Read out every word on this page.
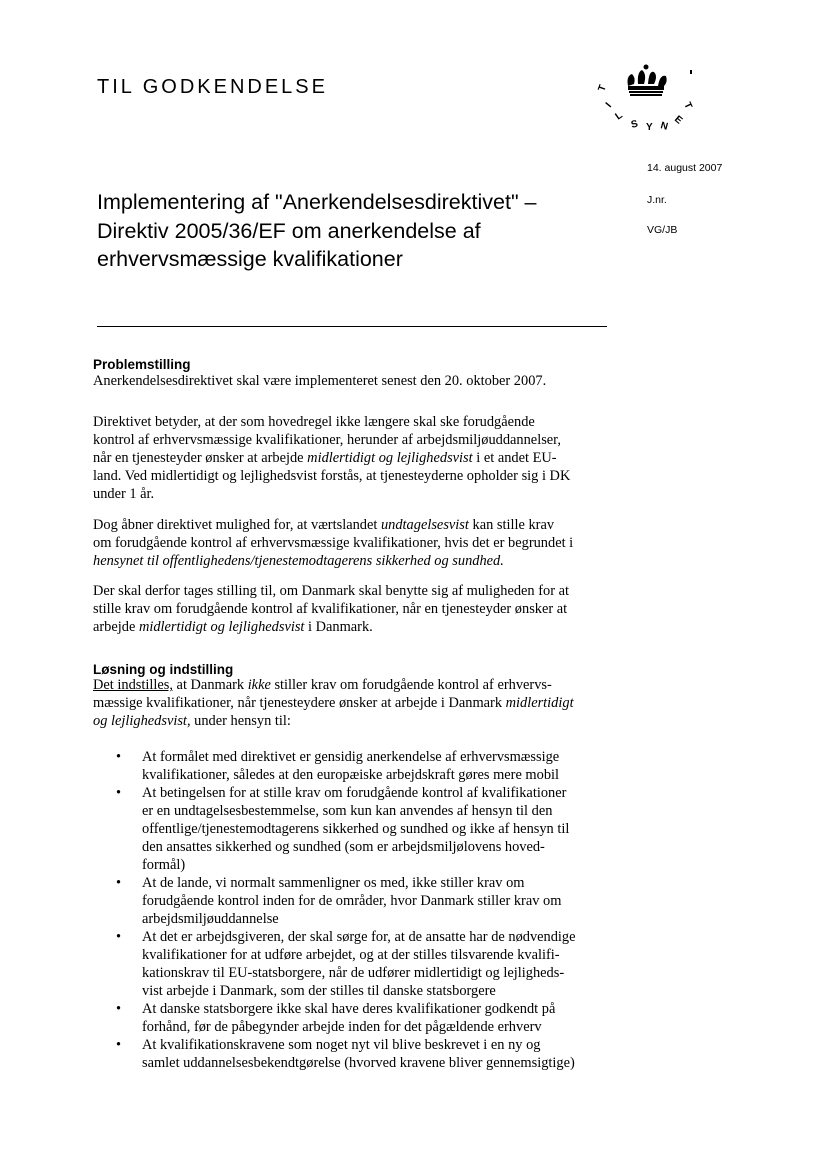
TIL GODKENDELSE	T
I
L
S Y N E
T
14. august 2007
J.nr.
VG/JB
Implementering af "Anerkendelsesdirektivet" –
Direktiv 2005/36/EF om anerkendelse af
erhvervsmæssige kvalifikationer
Problemstilling
Anerkendelsesdirektivet skal være implementeret senest den 20. oktober 2007.
Direktivet betyder, at der som hovedregel ikke længere skal ske forudgående
kontrol af erhvervsmæssige kvalifikationer, herunder af arbejdsmiljøuddannelser,
når en tjenesteyder ønsker at arbejde midlertidigt og lejlighedsvist i et andet EU-
land. Ved midlertidigt og lejlighedsvist forstås, at tjenesteyderne opholder sig i DK
under 1 år.
Dog åbner direktivet mulighed for, at værtslandet undtagelsesvist kan stille krav
om forudgående kontrol af erhvervsmæssige kvalifikationer, hvis det er begrundet i
hensynet til offentlighedens/tjenestemodtagerens sikkerhed og sundhed.
Der skal derfor tages stilling til, om Danmark skal benytte sig af muligheden for at
stille krav om forudgående kontrol af kvalifikationer, når en tjenesteyder ønsker at
arbejde midlertidigt og lejlighedsvist i Danmark.
Løsning og indstilling
Det indstilles, at Danmark ikke stiller krav om forudgående kontrol af erhvervs-
mæssige kvalifikationer, når tjenesteydere ønsker at arbejde i Danmark midlertidigt
og lejlighedsvist, under hensyn til:
• At formålet med direktivet er gensidig anerkendelse af erhvervsmæssige
kvalifikationer, således at den europæiske arbejdskraft gøres mere mobil
• At betingelsen for at stille krav om forudgående kontrol af kvalifikationer
er en undtagelsesbestemmelse, som kun kan anvendes af hensyn til den
offentlige/tjenestemodtagerens sikkerhed og sundhed og ikke af hensyn til
den ansattes sikkerhed og sundhed (som er arbejdsmiljølovens hoved-
formål)
• At de lande, vi normalt sammenligner os med, ikke stiller krav om
forudgående kontrol inden for de områder, hvor Danmark stiller krav om
arbejdsmiljøuddannelse
• At det er arbejdsgiveren, der skal sørge for, at de ansatte har de nødvendige
kvalifikationer for at udføre arbejdet, og at der stilles tilsvarende kvalifi-
kationskrav til EU-statsborgere, når de udfører midlertidigt og lejligheds-
vist arbejde i Danmark, som der stilles til danske statsborgere
• At danske statsborgere ikke skal have deres kvalifikationer godkendt på
forhånd, før de påbegynder arbejde inden for det pågældende erhverv
• At kvalifikationskravene som noget nyt vil blive beskrevet i en ny og
samlet uddannelsesbekendtgørelse (hvorved kravene bliver gennemsigtige)
